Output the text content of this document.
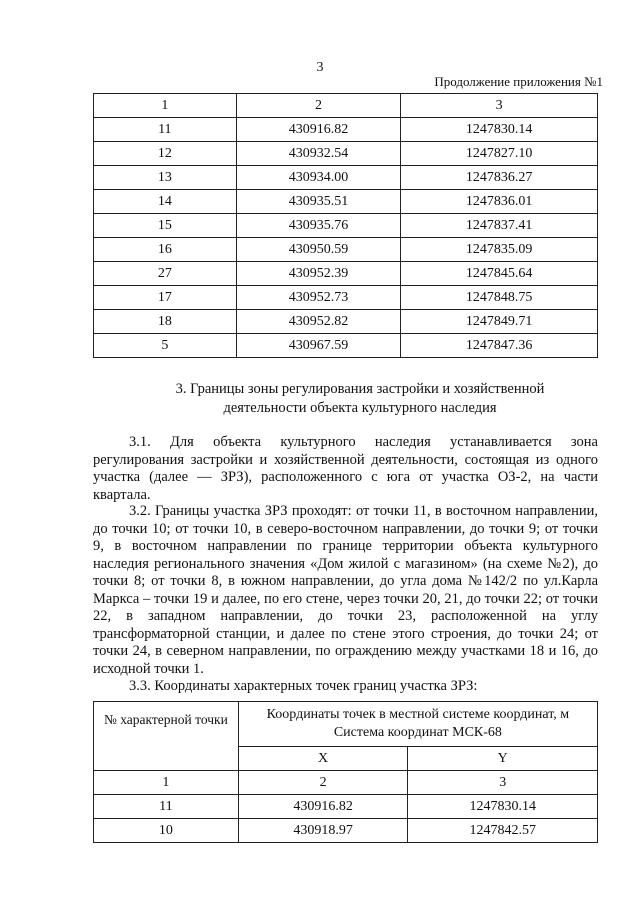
3
Продолжение приложения №1
1	2	3
11	430916.82	1247830.14
12	430932.54	1247827.10
13	430934.00	1247836.27
14	430935.51	1247836.01
15	430935.76	1247837.41
16	430950.59	1247835.09
27	430952.39	1247845.64
17	430952.73	1247848.75
18	430952.82	1247849.71
5	430967.59	1247847.36
3. Границы зоны регулирования застройки и хозяйственной
деятельности объекта культурного наследия

3.1. Для объекта культурного наследия устанавливается зона регулирования застройки и хозяйственной деятельности, состоящая из одного участка (далее — ЗРЗ), расположенного с юга от участка ОЗ-2, на части квартала.

3.2. Границы участка ЗРЗ проходят: от точки 11, в восточном направлении, до точки 10; от точки 10, в северо-восточном направлении, до точки 9; от точки 9, в восточном направлении по границе территории объекта культурного наследия регионального значения «Дом жилой с магазином» (на схеме №2), до точки 8; от точки 8, в южном направлении, до угла дома №142/2 по ул.Карла Маркса – точки 19 и далее, по его стене, через точки 20, 21, до точки 22; от точки 22, в западном направлении, до точки 23, расположенной на углу трансформаторной станции, и далее по стене этого строения, до точки 24; от точки 24, в северном направлении, по ограждению между участками 18 и 16, до исходной точки 1.

3.3. Координаты характерных точек границ участка ЗРЗ:

№ характерной точки	Координаты точек в местной системе координат, м
Система координат МСК-68	

	X	Y
1	2	3
11	430916.82	1247830.14
10	430918.97	1247842.57
